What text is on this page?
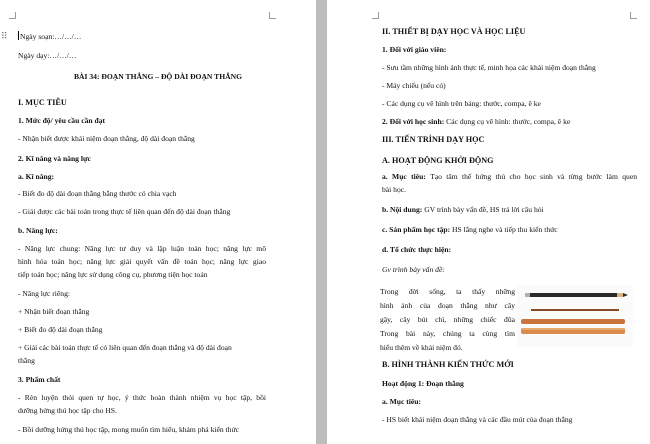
⠿ Ngày soạn:…/…/…
Ngày dạy:…/…/…
BÀI 34: ĐOẠN THẲNG – ĐỘ DÀI ĐOẠN THẲNG
I. MỤC TIÊU
1. Mức độ/ yêu cầu cần đạt
- Nhận biết được khái niệm đoạn thẳng, độ dài đoạn thẳng
2. Kĩ năng và năng lực
a. Kĩ năng:
- Biết đo độ dài đoạn thẳng bằng thước có chia vạch
- Giải được các bài toán trong thực tế liên quan đến độ dài đoạn thẳng
b. Năng lực:
- Năng lực chung: Năng lực tư duy và lập luận toán học; năng lực mô
hình hóa toán học; năng lực giải quyết vấn đề toán học; năng lực giao
tiếp toán học; năng lực sử dụng công cụ, phương tiện học toán
- Năng lực riêng:
+ Nhận biết đoạn thẳng
+ Biết đo độ dài đoạn thẳng
+ Giải các bài toán thực tế có liên quan đến đoạn thẳng và độ dài đoạn
thẳng
3. Phẩm chất
- Rèn luyện thói quen tự học, ý thức hoàn thành nhiệm vụ học tập, bồi
dưỡng hứng thú học tập cho HS.
- Bồi dưỡng hứng thú học tập, mong muốn tìm hiểu, khám phá kiến thức
II. THIẾT BỊ DẠY HỌC VÀ HỌC LIỆU
1. Đối với giáo viên:
- Sưu tầm những hình ảnh thực tế, minh họa các khái niệm đoạn thẳng
- Máy chiếu (nếu có)
- Các dụng cụ vẽ hình trên bảng: thước, compa, ê ke
2. Đối với học sinh: Các dụng cụ vẽ hình: thước, compa, ê ke
III. TIẾN TRÌNH DẠY HỌC
A. HOẠT ĐỘNG KHỞI ĐỘNG
a. Mục tiêu: Tạo tâm thế hứng thú cho học sinh và từng bước làm quen
bài học.
b. Nội dung: GV trình bày vấn đề, HS trả lời câu hỏi
c. Sản phẩm học tập: HS lắng nghe và tiếp thu kiến thức
d. Tổ chức thực hiện:
Gv trình bày vấn đề:
Trong đời sống, ta thấy những
hình ảnh của đoạn thẳng như cây
gậy, cây bút chì, những chiếc đũa
Trong bài này, chúng ta cùng tìm
hiểu thêm về khái niệm đó.
B. HÌNH THÀNH KIẾN THỨC MỚI
Hoạt động 1: Đoạn thẳng
a. Mục tiêu:
- HS biết khái niệm đoạn thẳng và các đầu mút của đoạn thẳng
